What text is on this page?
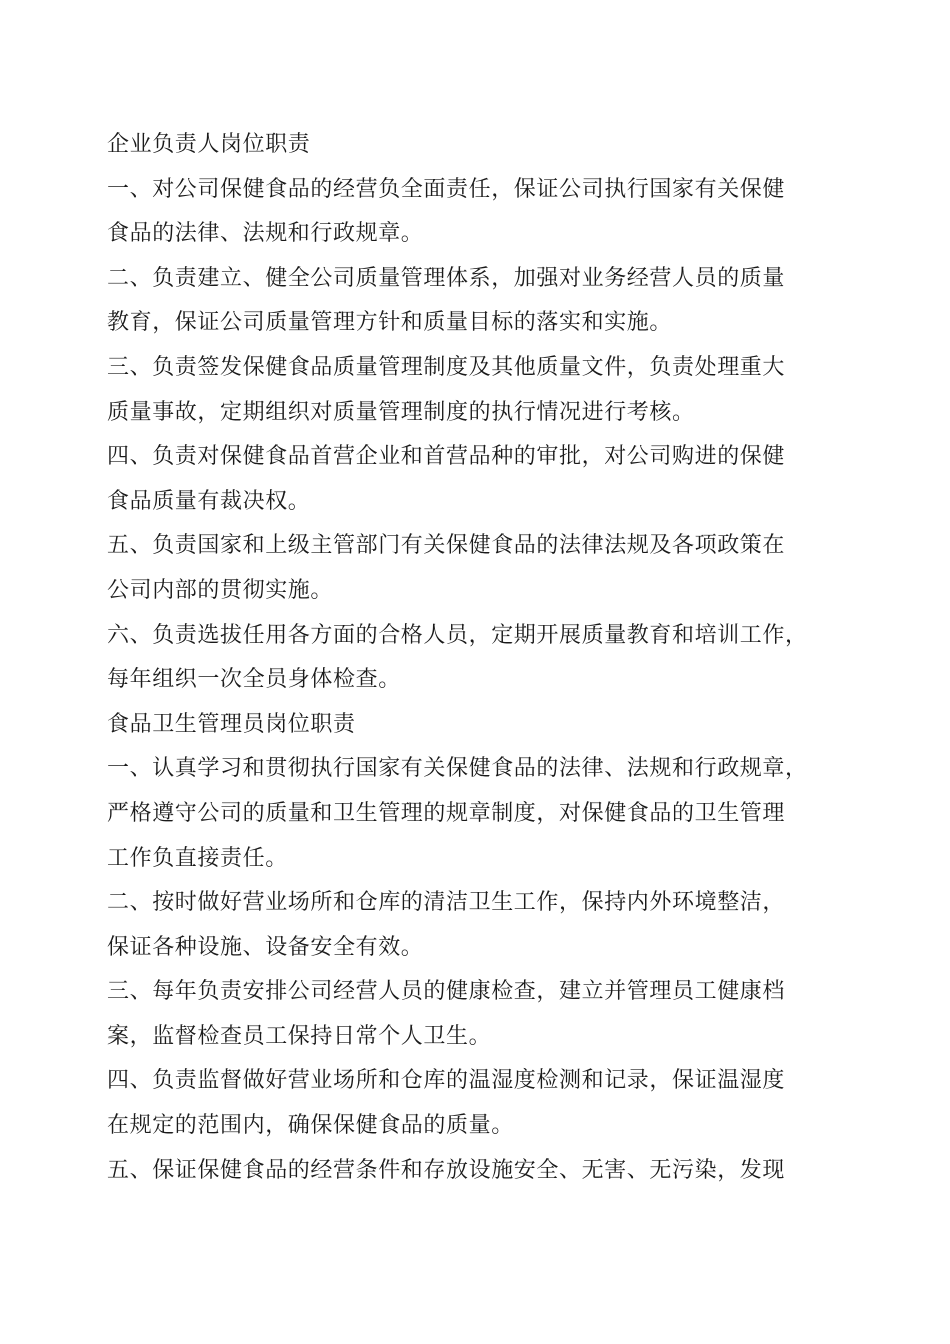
企业负责人岗位职责
一、对公司保健食品的经营负全面责任，保证公司执行国家有关保健
食品的法律、法规和行政规章。
二、负责建立、健全公司质量管理体系，加强对业务经营人员的质量
教育，保证公司质量管理方针和质量目标的落实和实施。
三、负责签发保健食品质量管理制度及其他质量文件，负责处理重大
质量事故，定期组织对质量管理制度的执行情况进行考核。
四、负责对保健食品首营企业和首营品种的审批，对公司购进的保健
食品质量有裁决权。
五、负责国家和上级主管部门有关保健食品的法律法规及各项政策在
公司内部的贯彻实施。
六、负责选拔任用各方面的合格人员，定期开展质量教育和培训工作，
每年组织一次全员身体检查。
食品卫生管理员岗位职责
一、认真学习和贯彻执行国家有关保健食品的法律、法规和行政规章，
严格遵守公司的质量和卫生管理的规章制度，对保健食品的卫生管理
工作负直接责任。
二、按时做好营业场所和仓库的清洁卫生工作，保持内外环境整洁，
保证各种设施、设备安全有效。
三、每年负责安排公司经营人员的健康检查，建立并管理员工健康档
案，监督检查员工保持日常个人卫生。
四、负责监督做好营业场所和仓库的温湿度检测和记录，保证温湿度
在规定的范围内，确保保健食品的质量。
五、保证保健食品的经营条件和存放设施安全、无害、无污染，发现
